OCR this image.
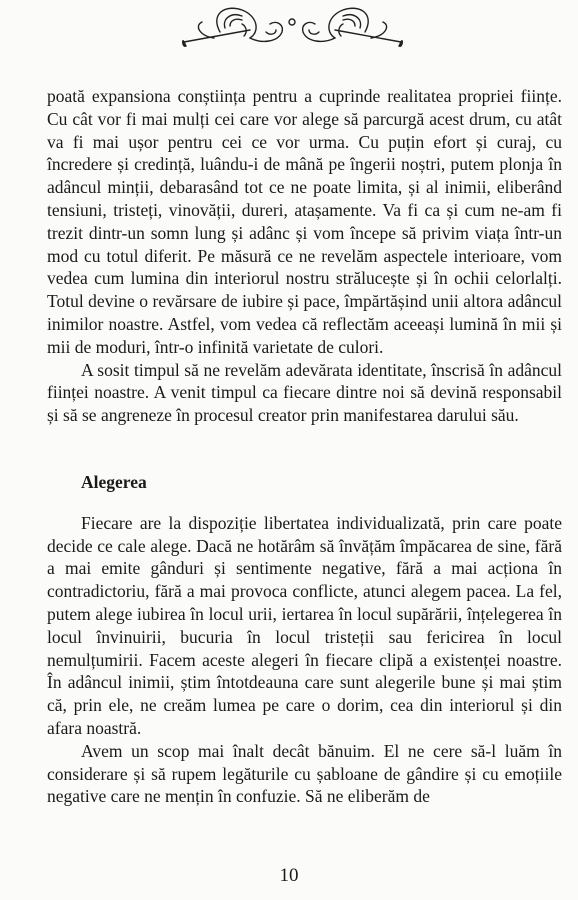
poată expansiona conștiința pentru a cuprinde realitatea propriei ființe. Cu cât vor fi mai mulți cei care vor alege să parcurgă acest drum, cu atât va fi mai ușor pentru cei ce vor urma. Cu puțin efort și curaj, cu încredere și credință, luându-i de mână pe îngerii noștri, putem plonja în adâncul minții, debarasând tot ce ne poate limita, și al inimii, eliberând tensiuni, tristeți, vinovății, dureri, atașamente. Va fi ca și cum ne-am fi trezit dintr-un somn lung și adânc și vom începe să privim viața într-un mod cu totul diferit. Pe măsură ce ne revelăm aspectele interioare, vom vedea cum lumina din interiorul nostru strălucește și în ochii celorlalți. Totul devine o revărsare de iubire și pace, împărtășind unii altora adâncul inimilor noastre. Astfel, vom vedea că reflectăm aceeași lumină în mii și mii de moduri, într-o infinită varietate de culori.

A sosit timpul să ne revelăm adevărata identitate, înscrisă în adâncul ființei noastre. A venit timpul ca fiecare dintre noi să devină responsabil și să se angreneze în procesul creator prin manifestarea darului său.

Alegerea

Fiecare are la dispoziție libertatea individualizată, prin care poate decide ce cale alege. Dacă ne hotărâm să învățăm împăcarea de sine, fără a mai emite gânduri și sentimente negative, fără a mai acționa în contradictoriu, fără a mai provoca conflicte, atunci alegem pacea. La fel, putem alege iubirea în locul urii, iertarea în locul supărării, înțelegerea în locul învinuirii, bucuria în locul tristeții sau fericirea în locul nemulțumirii. Facem aceste alegeri în fiecare clipă a existenței noastre. În adâncul inimii, știm întotdeauna care sunt alegerile bune și mai știm că, prin ele, ne creăm lumea pe care o dorim, cea din interiorul și din afara noastră.

Avem un scop mai înalt decât bănuim. El ne cere să-l luăm în considerare și să rupem legăturile cu șabloane de gândire și cu emoțiile negative care ne mențin în confuzie. Să ne eliberăm de

10
